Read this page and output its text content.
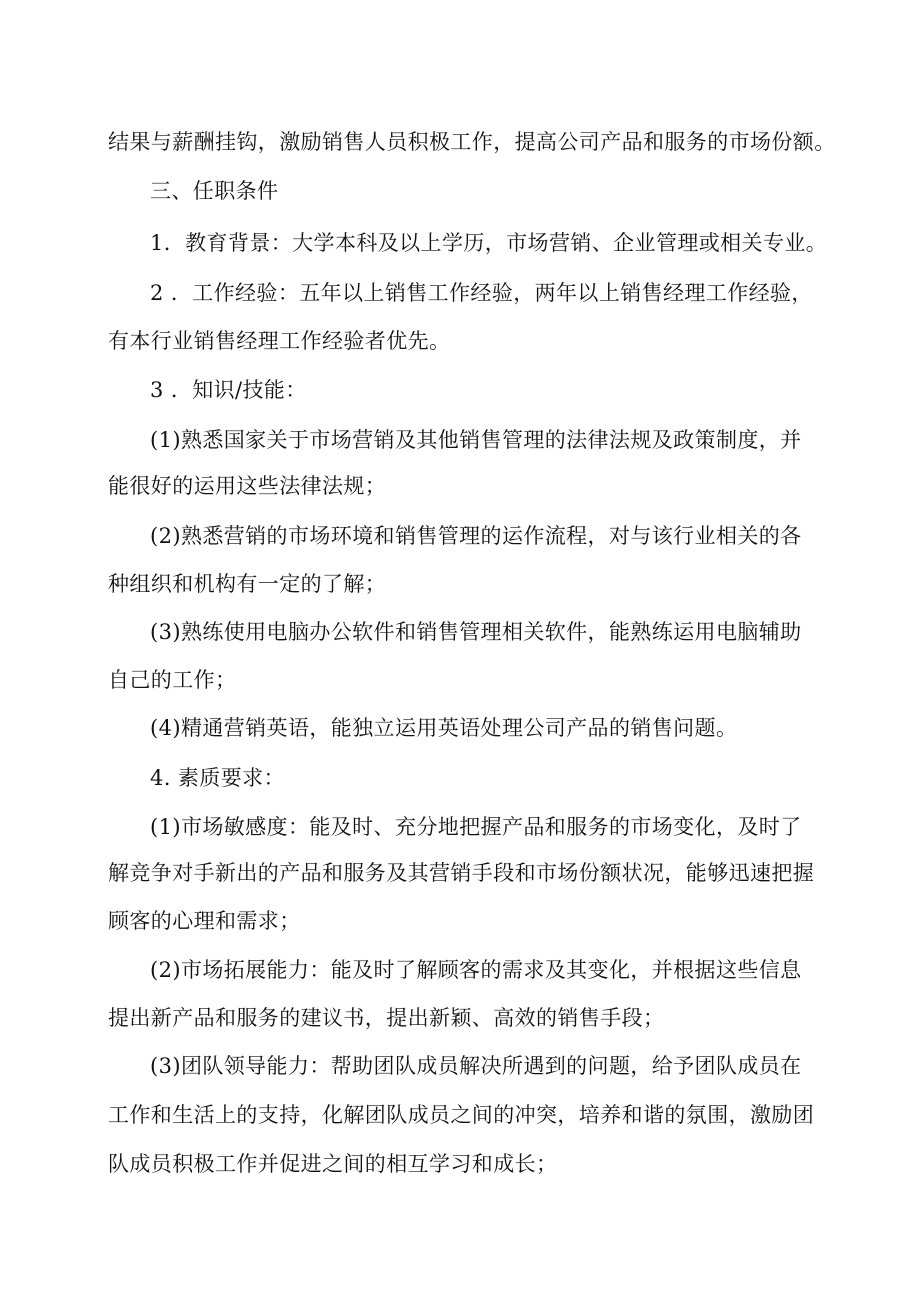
结果与薪酬挂钩，激励销售人员积极工作，提高公司产品和服务的市场份额。
三、任职条件
1．教育背景：大学本科及以上学历，市场营销、企业管理或相关专业。
2 ．工作经验：五年以上销售工作经验，两年以上销售经理工作经验，
有本行业销售经理工作经验者优先。
3 ．知识/技能：
(1)熟悉国家关于市场营销及其他销售管理的法律法规及政策制度，并
能很好的运用这些法律法规；
(2)熟悉营销的市场环境和销售管理的运作流程，对与该行业相关的各
种组织和机构有一定的了解；
(3)熟练使用电脑办公软件和销售管理相关软件，能熟练运用电脑辅助
自己的工作；
(4)精通营销英语，能独立运用英语处理公司产品的销售问题。
4. 素质要求：
(1)市场敏感度：能及时、充分地把握产品和服务的市场变化，及时了
解竞争对手新出的产品和服务及其营销手段和市场份额状况，能够迅速把握
顾客的心理和需求；
(2)市场拓展能力：能及时了解顾客的需求及其变化，并根据这些信息
提出新产品和服务的建议书，提出新颖、高效的销售手段；
(3)团队领导能力：帮助团队成员解决所遇到的问题，给予团队成员在
工作和生活上的支持，化解团队成员之间的冲突，培养和谐的氛围，激励团
队成员积极工作并促进之间的相互学习和成长；
